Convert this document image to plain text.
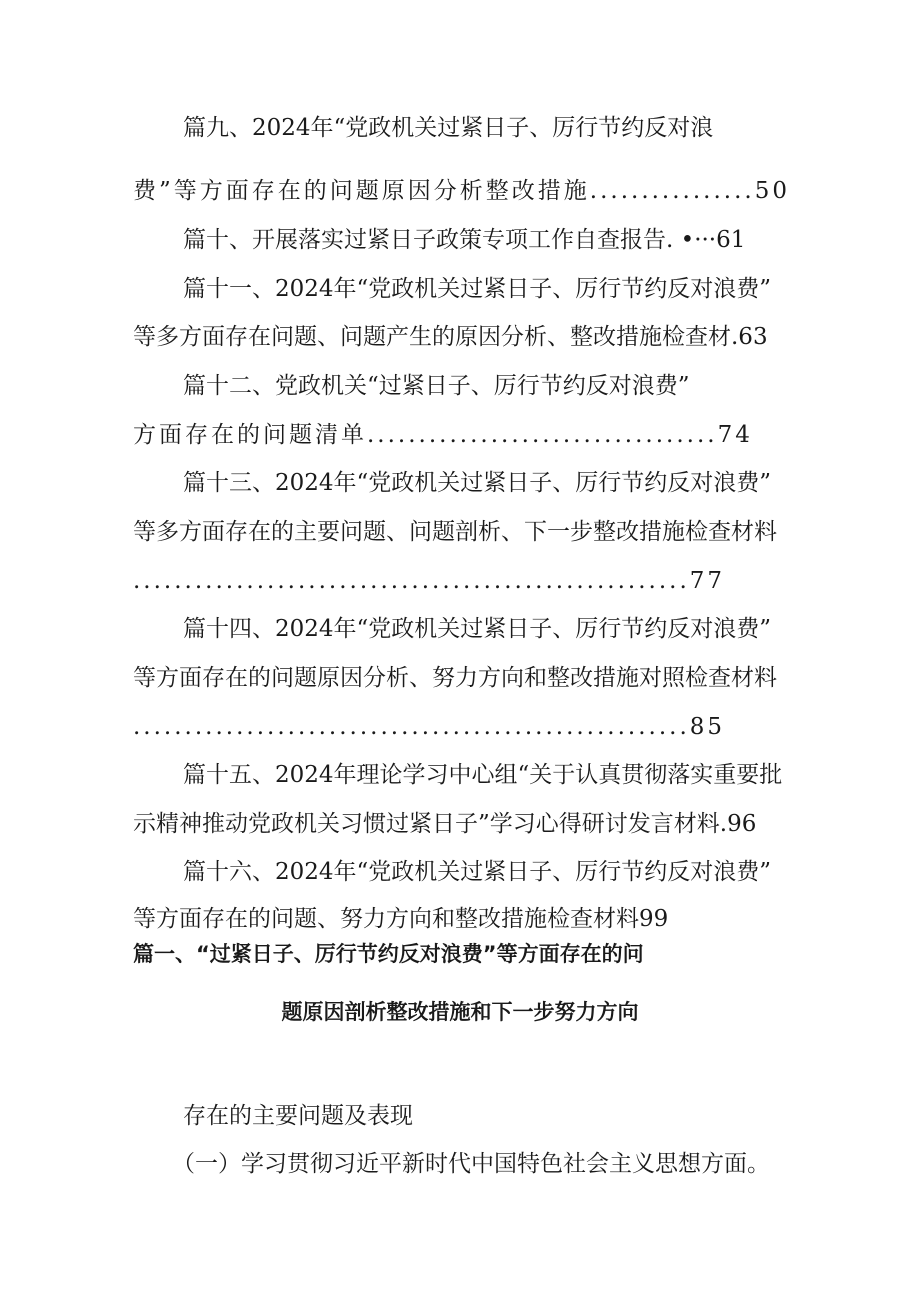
篇九、2024年“党政机关过紧日子、厉行节约反对浪
费”等方面存在的问题原因分析整改措施................50
篇十、开展落实过紧日子政策专项工作自查报告. •···61
篇十一、2024年“党政机关过紧日子、厉行节约反对浪费”
等多方面存在问题、问题产生的原因分析、整改措施检查材.63
篇十二、党政机关“过紧日子、厉行节约反对浪费”
方面存在的问题清单..................................74
篇十三、2024年“党政机关过紧日子、厉行节约反对浪费”
等多方面存在的主要问题、问题剖析、下一步整改措施检查材料
......................................................77
篇十四、2024年“党政机关过紧日子、厉行节约反对浪费”
等方面存在的问题原因分析、努力方向和整改措施对照检查材料
......................................................85
篇十五、2024年理论学习中心组“关于认真贯彻落实重要批
示精神推动党政机关习惯过紧日子”学习心得研讨发言材料.96
篇十六、2024年“党政机关过紧日子、厉行节约反对浪费”
等方面存在的问题、努力方向和整改措施检查材料99
篇一、“过紧日子、厉行节约反对浪费”等方面存在的问
题原因剖析整改措施和下一步努力方向
存在的主要问题及表现
（一）学习贯彻习近平新时代中国特色社会主义思想方面。
